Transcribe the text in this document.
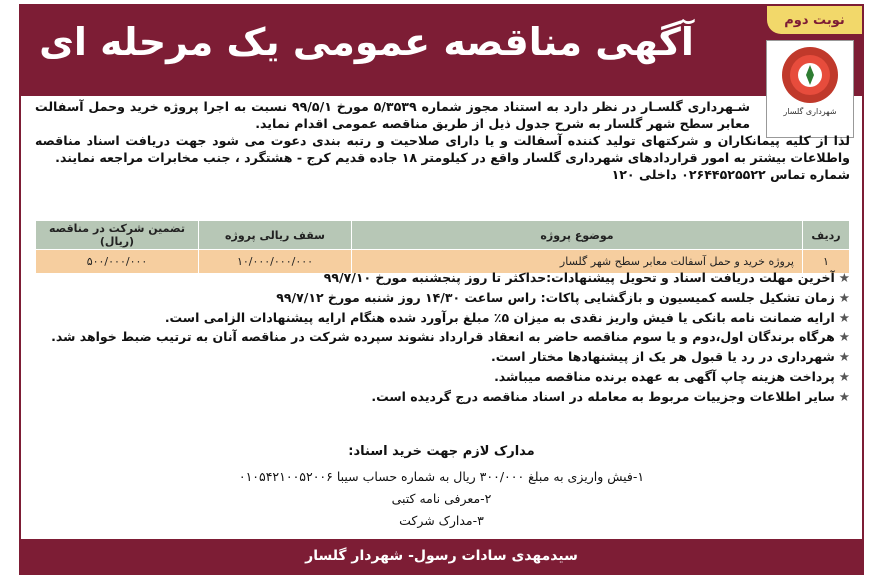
آگهی مناقصه عمومی یک مرحله ای	نوبت دوم
شهرداری گلسار

شـهرداری گلسـار در نظر دارد به استناد مجوز شماره ۵/۳۵۳۹ مورخ ۹۹/۵/۱ نسبت به اجرا پروژه خرید وحمل آسفالت معابر سطح شهر گلسار به شرح جدول ذیل از طریق مناقصه عمومی اقدام نماید.

لذا از کلیه پیمانکاران و شرکتهای تولید کننده آسفالت و یا دارای صلاحیت و رتبه بندی دعوت می شود جهت دریافت اسناد مناقصه واطلاعات بیشتر به امور قراردادهای شهرداری گلسار واقع در کیلومتر ۱۸ جاده قدیم کرج - هشتگرد ، جنب مخابرات مراجعه نمایند.

شماره تماس ۰۲۶۴۴۵۲۵۵۲۲ داخلی ۱۲۰

ردیف	موضوع پروژه	سقف ریالی پروژه	تضمین شرکت در مناقصه (ریال)
۱	پروژه خرید و حمل آسفالت معابر سطح شهر گلسار	۱۰/۰۰۰/۰۰۰/۰۰۰	۵۰۰/۰۰۰/۰۰۰
★آخرین مهلت دریافت اسناد و تحویل پیشنهادات:حداکثر تا روز پنجشنبه مورخ ۹۹/۷/۱۰
★زمان تشکیل جلسه کمیسیون و بازگشایی پاکات: راس ساعت ۱۴/۳۰ روز شنبه مورخ ۹۹/۷/۱۲
★ارایه ضمانت نامه بانکی یا فیش واریز نقدی به میزان ۵٪ مبلغ برآورد شده هنگام ارایه پیشنهادات الزامی است.
★هرگاه برندگان اول،دوم و یا سوم مناقصه حاضر به انعقاد قرارداد نشوند سپرده شرکت در مناقصه آنان به ترتیب ضبط خواهد شد.
★شهرداری در رد یا قبول هر یک از پیشنهادها مختار است.
★پرداخت هزینه چاپ آگهی به عهده برنده مناقصه میباشد.
★سایر اطلاعات وجزییات مربوط به معامله در اسناد مناقصه درج گردیده است.
مدارک لازم جهت خرید اسناد:
۱-فیش واریزی به مبلغ ۳۰۰/۰۰۰ ریال به شماره حساب سیبا ۰۱۰۵۴۲۱۰۰۵۲۰۰۶
۲-معرفی نامه کتبی
۳-مدارک شرکت
سیدمهدی سادات رسول- شهردار گلسار
